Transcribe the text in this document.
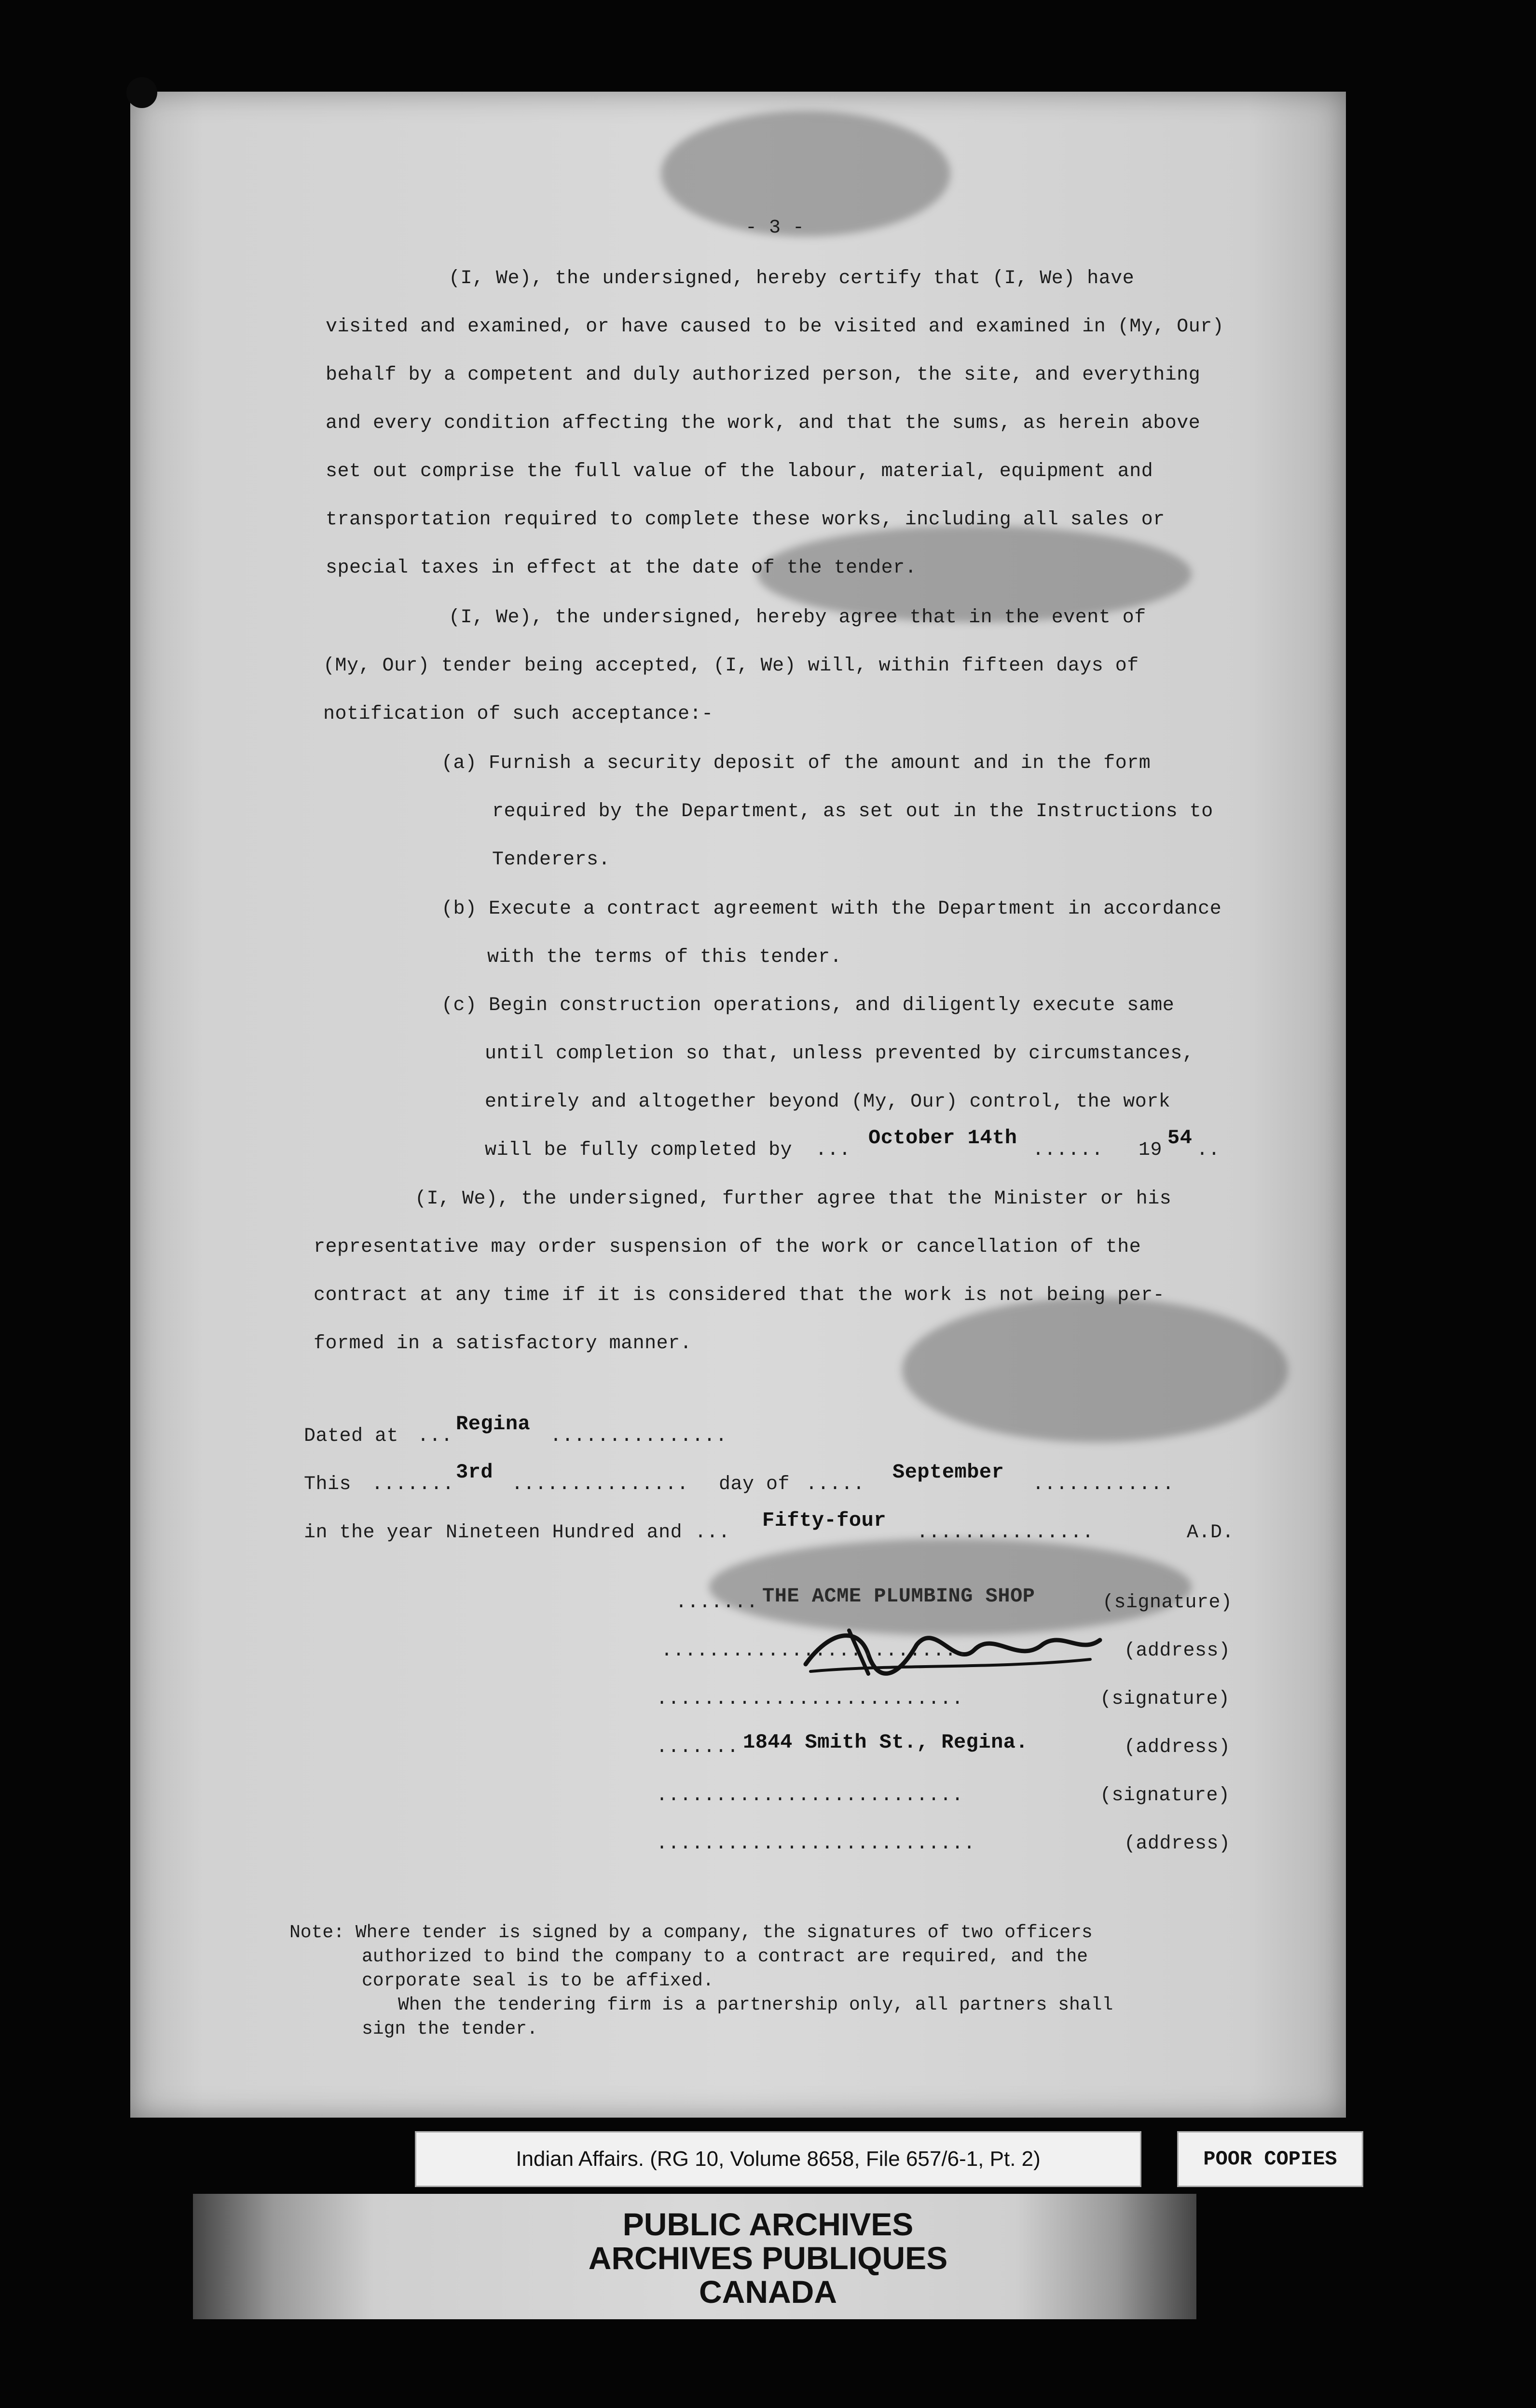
- 3 -
(I, We), the undersigned, hereby certify that (I, We) have
visited and examined, or have caused to be visited and examined in (My, Our)
behalf by a competent and duly authorized person, the site, and everything
and every condition affecting the work, and that the sums, as herein above
set out comprise the full value of the labour, material, equipment and
transportation required to complete these works, including all sales or
special taxes in effect at the date of the tender.
(I, We), the undersigned, hereby agree that in the event of
(My, Our) tender being accepted, (I, We) will, within fifteen days of
notification of such acceptance:-
(a) Furnish a security deposit of the amount and in the form
required by the Department, as set out in the Instructions to
Tenderers.
(b) Execute a contract agreement with the Department in accordance
with the terms of this tender.
(c) Begin construction operations, and diligently execute same
until completion so that, unless prevented by circumstances,
entirely and altogether beyond (My, Our) control, the work
will be fully completed by ...
October 14th
...... 19
54
..
(I, We), the undersigned, further agree that the Minister or his
representative may order suspension of the work or cancellation of the
contract at any time if it is considered that the work is not being per-
formed in a satisfactory manner.
Dated at ...
Regina
...............
This .......
3rd
............... day of .....
September
............
in the year Nineteen Hundred and ...
Fifty-four
...............	A.D.
....... THE ACME PLUMBING SHOP	(signature)
..........................	(address)
..........................	(signature)
....... 1844 Smith St., Regina.	(address)
..........................	(signature)
...........................	(address)
Note: Where tender is signed by a company, the signatures of two officers
authorized to bind the company to a contract are required, and the
corporate seal is to be affixed.
When the tendering firm is a partnership only, all partners shall
sign the tender.
Indian Affairs. (RG 10, Volume 8658, File 657/6-1, Pt. 2)	POOR COPIES
PUBLIC ARCHIVES
ARCHIVES PUBLIQUES
CANADA
